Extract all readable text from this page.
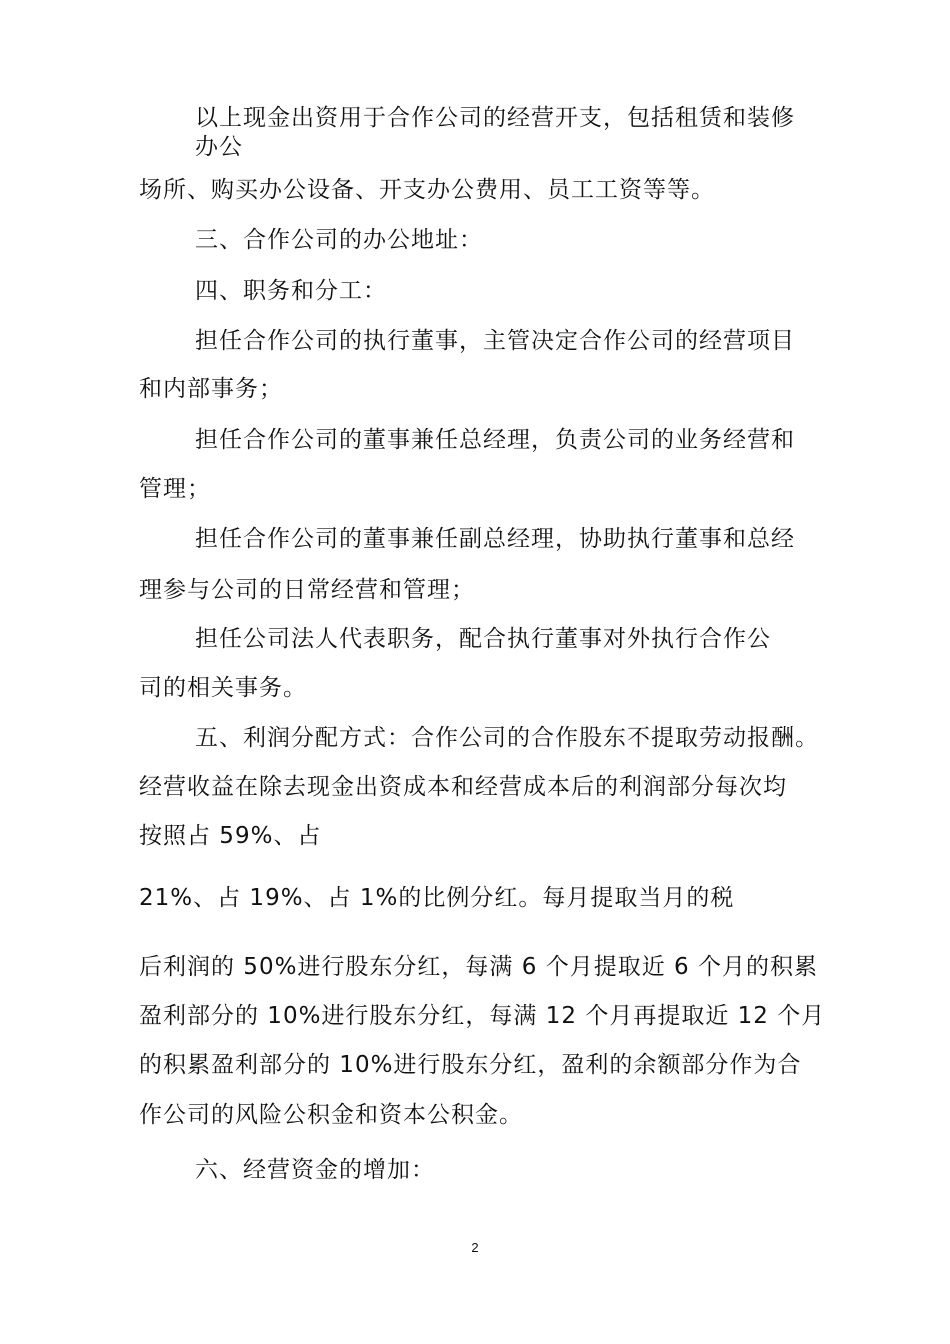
以上现金出资用于合作公司的经营开支，包括租赁和装修
办公
场所、购买办公设备、开支办公费用、员工工资等等。
三、合作公司的办公地址：
四、职务和分工：
担任合作公司的执行董事，主管决定合作公司的经营项目
和内部事务；
担任合作公司的董事兼任总经理，负责公司的业务经营和
管理；
担任合作公司的董事兼任副总经理，协助执行董事和总经
理参与公司的日常经营和管理；
担任公司法人代表职务，配合执行董事对外执行合作公
司的相关事务。
五、利润分配方式：合作公司的合作股东不提取劳动报酬。
经营收益在除去现金出资成本和经营成本后的利润部分每次均
按照占 59%、占
21%、占 19%、占 1%的比例分红。每月提取当月的税
后利润的 50%进行股东分红，每满 6 个月提取近 6 个月的积累
盈利部分的 10%进行股东分红，每满 12 个月再提取近 12 个月
的积累盈利部分的 10%进行股东分红，盈利的余额部分作为合
作公司的风险公积金和资本公积金。
六、经营资金的增加：
2
